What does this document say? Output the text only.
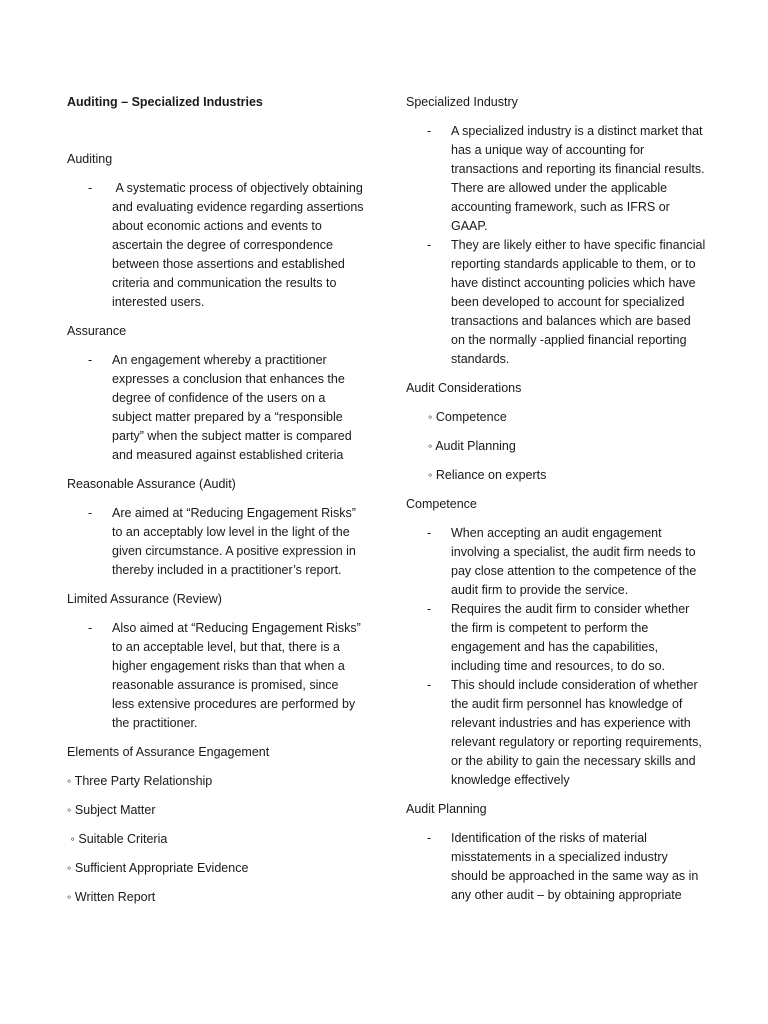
Auditing – Specialized Industries

Auditing

- A systematic process of objectively obtaining and evaluating evidence regarding assertions about economic actions and events to ascertain the degree of correspondence between those assertions and established criteria and communication the results to interested users.

Assurance

- An engagement whereby a practitioner expresses a conclusion that enhances the degree of confidence of the users on a subject matter prepared by a “responsible party” when the subject matter is compared and measured against established criteria

Reasonable Assurance (Audit)

- Are aimed at “Reducing Engagement Risks” to an acceptably low level in the light of the given circumstance. A positive expression in thereby included in a practitioner’s report.

Limited Assurance (Review)

- Also aimed at “Reducing Engagement Risks” to an acceptable level, but that, there is a higher engagement risks than that when a reasonable assurance is promised, since less extensive procedures are performed by the practitioner.

Elements of Assurance Engagement

◦ Three Party Relationship

◦ Subject Matter

◦ Suitable Criteria

◦ Sufficient Appropriate Evidence

◦ Written Report

Specialized Industry

- A specialized industry is a distinct market that has a unique way of accounting for transactions and reporting its financial results. There are allowed under the applicable accounting framework, such as IFRS or GAAP.
- They are likely either to have specific financial reporting standards applicable to them, or to have distinct accounting policies which have been developed to account for specialized transactions and balances which are based on the normally -applied financial reporting standards.

Audit Considerations

◦ Competence

◦ Audit Planning

◦ Reliance on experts

Competence

- When accepting an audit engagement involving a specialist, the audit firm needs to pay close attention to the competence of the audit firm to provide the service.
- Requires the audit firm to consider whether the firm is competent to perform the engagement and has the capabilities, including time and resources, to do so.
- This should include consideration of whether the audit firm personnel has knowledge of relevant industries and has experience with relevant regulatory or reporting requirements, or the ability to gain the necessary skills and knowledge effectively

Audit Planning

- Identification of the risks of material misstatements in a specialized industry should be approached in the same way as in any other audit – by obtaining appropriate
